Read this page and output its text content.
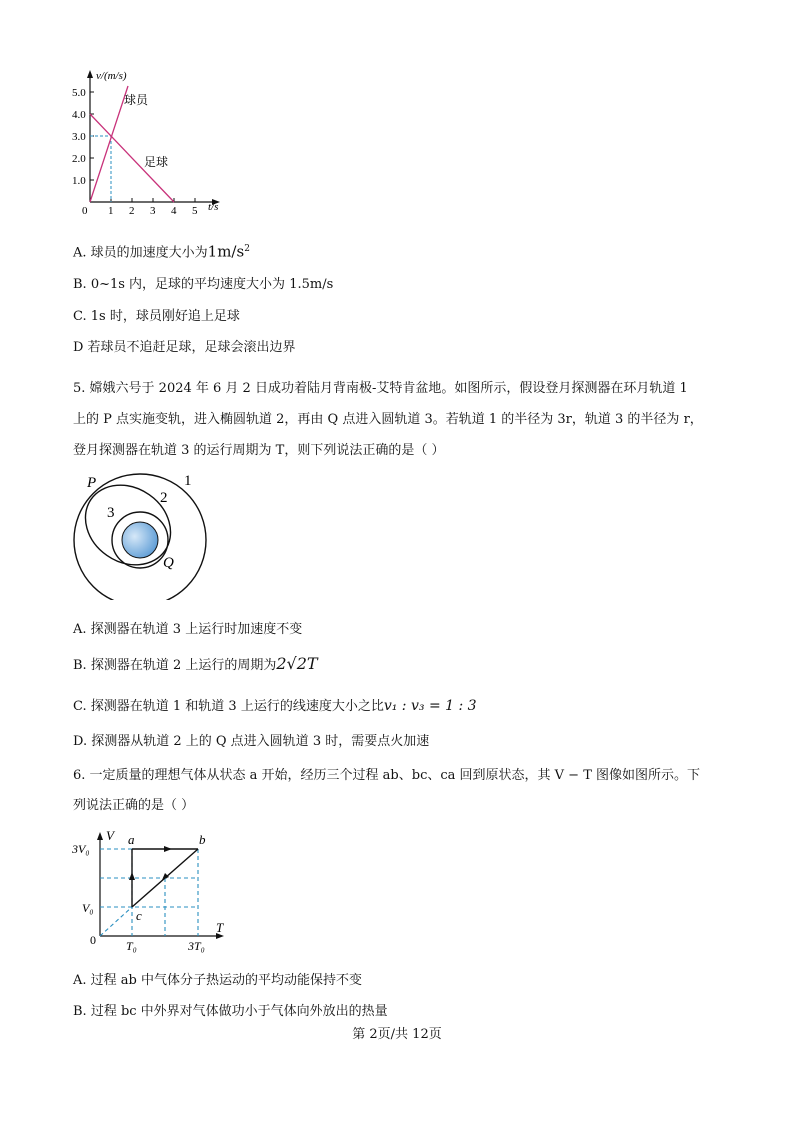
v/(m/s)
t/s
5.0
4.0
3.0
2.0
1.0
0 1 2 3 4 5
球员
足球
A. 球员的加速度大小为$1m/s^2$
B. 0~1s 内，足球的平均速度大小为 1.5m/s
C. 1s 时，球员刚好追上足球
D 若球员不追赶足球，足球会滚出边界
5. 嫦娥六号于 2024 年 6 月 2 日成功着陆月背南极-艾特肯盆地。如图所示，假设登月探测器在环月轨道 1
上的 P 点实施变轨，进入椭圆轨道 2，再由 Q 点进入圆轨道 3。若轨道 1 的半径为 3r，轨道 3 的半径为 r，
登月探测器在轨道 3 的运行周期为 T，则下列说法正确的是（ ）
P	1
2
3
Q
A. 探测器在轨道 3 上运行时加速度不变
B. 探测器在轨道 2 上运行的周期为2√2T
C. 探测器在轨道 1 和轨道 3 上运行的线速度大小之比v₁ : v₃ = 1 : 3
D. 探测器从轨道 2 上的 Q 点进入圆轨道 3 时，需要点火加速
6. 一定质量的理想气体从状态 a 开始，经历三个过程 ab、bc、ca 回到原状态，其 V − T 图像如图所示。下
列说法正确的是（ ）
V
T
a	b
c
0
3V₀
V₀
T₀	3T₀
A. 过程 ab 中气体分子热运动的平均动能保持不变
B. 过程 bc 中外界对气体做功小于气体向外放出的热量
第 2页/共 12页
